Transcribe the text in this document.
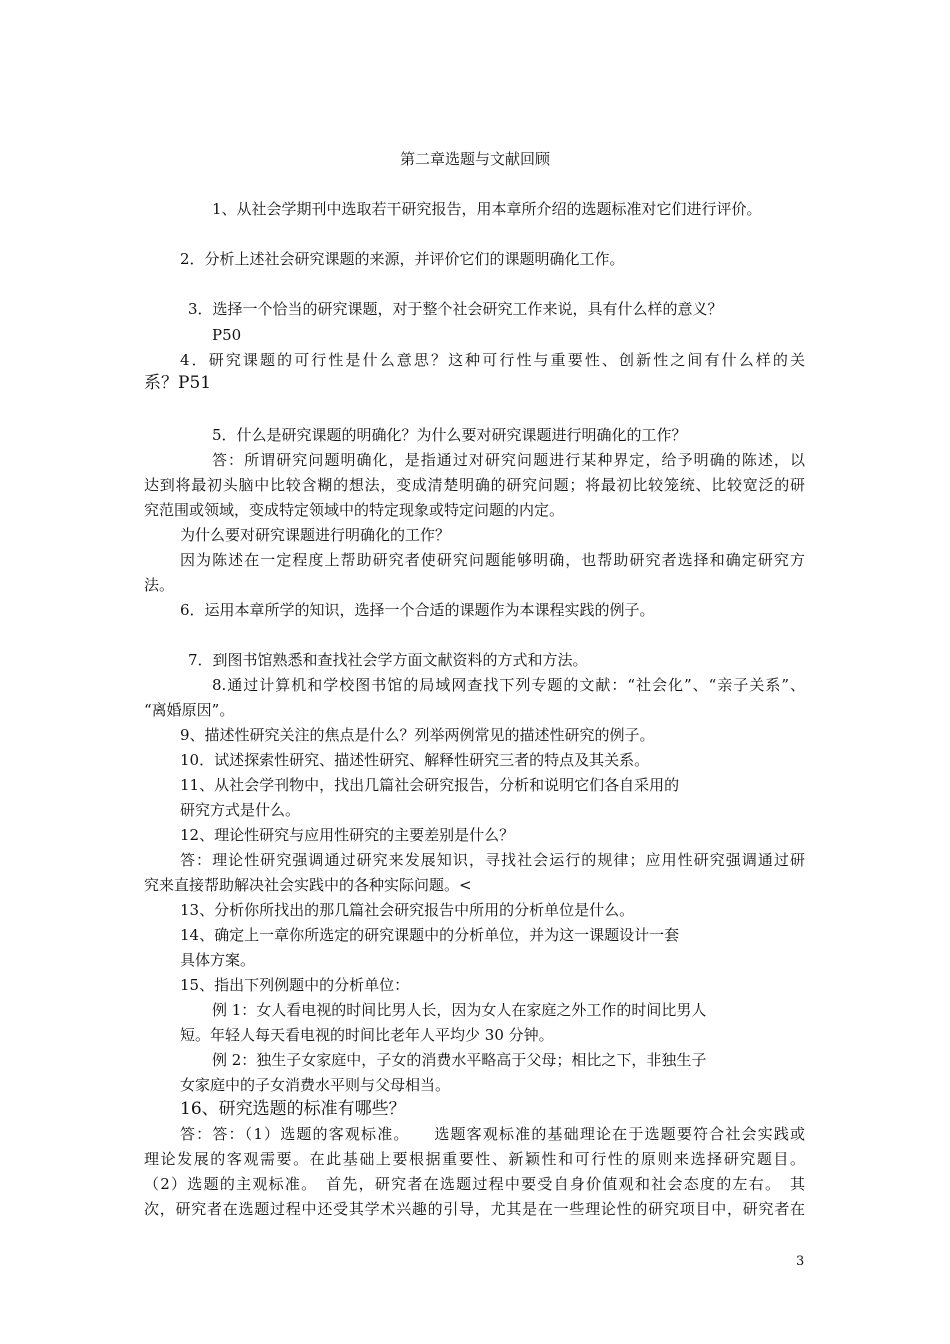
第二章选题与文献回顾
1、从社会学期刊中选取若干研究报告，用本章所介绍的选题标准对它们进行评价。
2．分析上述社会研究课题的来源，并评价它们的课题明确化工作。
3．选择一个恰当的研究课题，对于整个社会研究工作来说，具有什么样的意义？
P50
4．研究课题的可行性是什么意思？这种可行性与重要性、创新性之间有什么样的关
系？P51
5．什么是研究课题的明确化？为什么要对研究课题进行明确化的工作？
答：所谓研究问题明确化，是指通过对研究问题进行某种界定，给予明确的陈述，以
达到将最初头脑中比较含糊的想法，变成清楚明确的研究问题；将最初比较笼统、比较宽泛的研
究范围或领域，变成特定领域中的特定现象或特定问题的内定。
为什么要对研究课题进行明确化的工作？
因为陈述在一定程度上帮助研究者使研究问题能够明确，也帮助研究者选择和确定研究方
法。
6．运用本章所学的知识，选择一个合适的课题作为本课程实践的例子。
7．到图书馆熟悉和查找社会学方面文献资料的方式和方法。
8.通过计算机和学校图书馆的局域网查找下列专题的文献：“社会化”、“亲子关系”、
“离婚原因”。
9、描述性研究关注的焦点是什么？列举两例常见的描述性研究的例子。
10．试述探索性研究、描述性研究、解释性研究三者的特点及其关系。
11、从社会学刊物中，找出几篇社会研究报告，分析和说明它们各自采用的
研究方式是什么。
12、理论性研究与应用性研究的主要差别是什么？
答：理论性研究强调通过研究来发展知识，寻找社会运行的规律；应用性研究强调通过研
究来直接帮助解决社会实践中的各种实际问题。<
13、分析你所找出的那几篇社会研究报告中所用的分析单位是什么。
14、确定上一章你所选定的研究课题中的分析单位，并为这一课题设计一套
具体方案。
15、指出下列例题中的分析单位：
例 1：女人看电视的时间比男人长，因为女人在家庭之外工作的时间比男人
短。年轻人每天看电视的时间比老年人平均少 30 分钟。
例 2：独生子女家庭中，子女的消费水平略高于父母；相比之下，非独生子
女家庭中的子女消费水平则与父母相当。
16、研究选题的标准有哪些？
答：答：（1）选题的客观标准。　　选题客观标准的基础理论在于选题要符合社会实践或
理论发展的客观需要。在此基础上要根据重要性、新颖性和可行性的原则来选择研究题目。
（2）选题的主观标准。　首先，研究者在选题过程中要受自身价值观和社会态度的左右。　其
次，研究者在选题过程中还受其学术兴趣的引导，尤其是在一些理论性的研究项目中，研究者在
3
